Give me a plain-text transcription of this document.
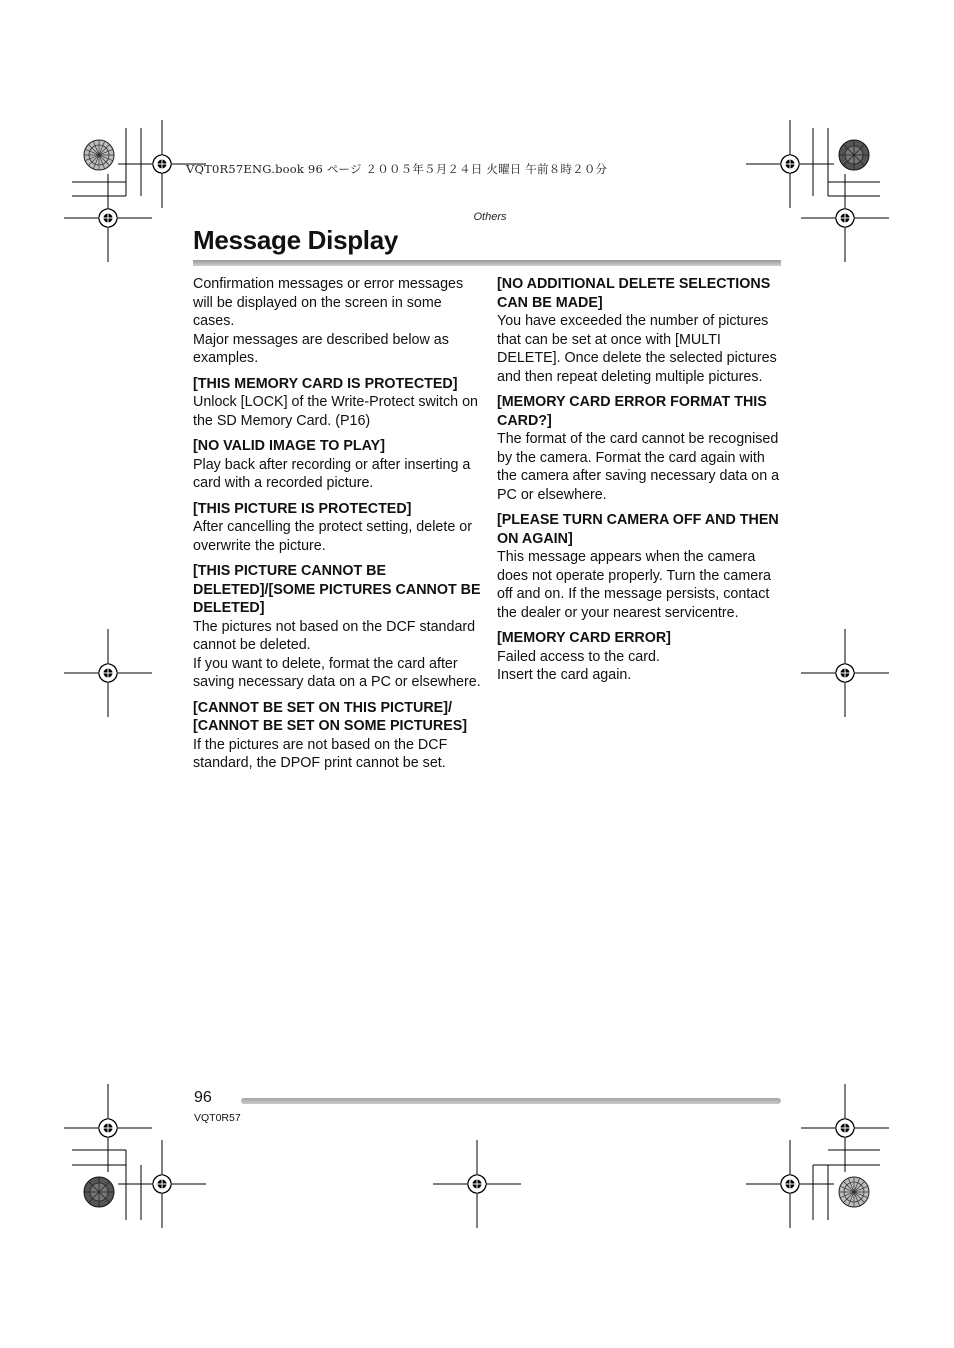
VQT0R57ENG.book 96 ページ ２００５年５月２４日 火曜日 午前８時２０分
Others
Message Display

Confirmation messages or error messages will be displayed on the screen in some cases.

Major messages are described below as examples.

[THIS MEMORY CARD IS PROTECTED]

Unlock [LOCK] of the Write-Protect switch on the SD Memory Card. (P16)

[NO VALID IMAGE TO PLAY]

Play back after recording or after inserting a card with a recorded picture.

[THIS PICTURE IS PROTECTED]

After cancelling the protect setting, delete or overwrite the picture.

[THIS PICTURE CANNOT BE DELETED]/[SOME PICTURES CANNOT BE DELETED]

The pictures not based on the DCF standard cannot be deleted.

If you want to delete, format the card after saving necessary data on a PC or elsewhere.

[CANNOT BE SET ON THIS PICTURE]/ [CANNOT BE SET ON SOME PICTURES]

If the pictures are not based on the DCF standard, the DPOF print cannot be set.

[NO ADDITIONAL DELETE SELECTIONS CAN BE MADE]

You have exceeded the number of pictures that can be set at once with [MULTI DELETE]. Once delete the selected pictures and then repeat deleting multiple pictures.

[MEMORY CARD ERROR FORMAT THIS CARD?]

The format of the card cannot be recognised by the camera. Format the card again with the camera after saving necessary data on a PC or elsewhere.

[PLEASE TURN CAMERA OFF AND THEN ON AGAIN]

This message appears when the camera does not operate properly. Turn the camera off and on. If the message persists, contact the dealer or your nearest servicentre.

[MEMORY CARD ERROR]

Failed access to the card.

Insert the card again.

96
VQT0R57
